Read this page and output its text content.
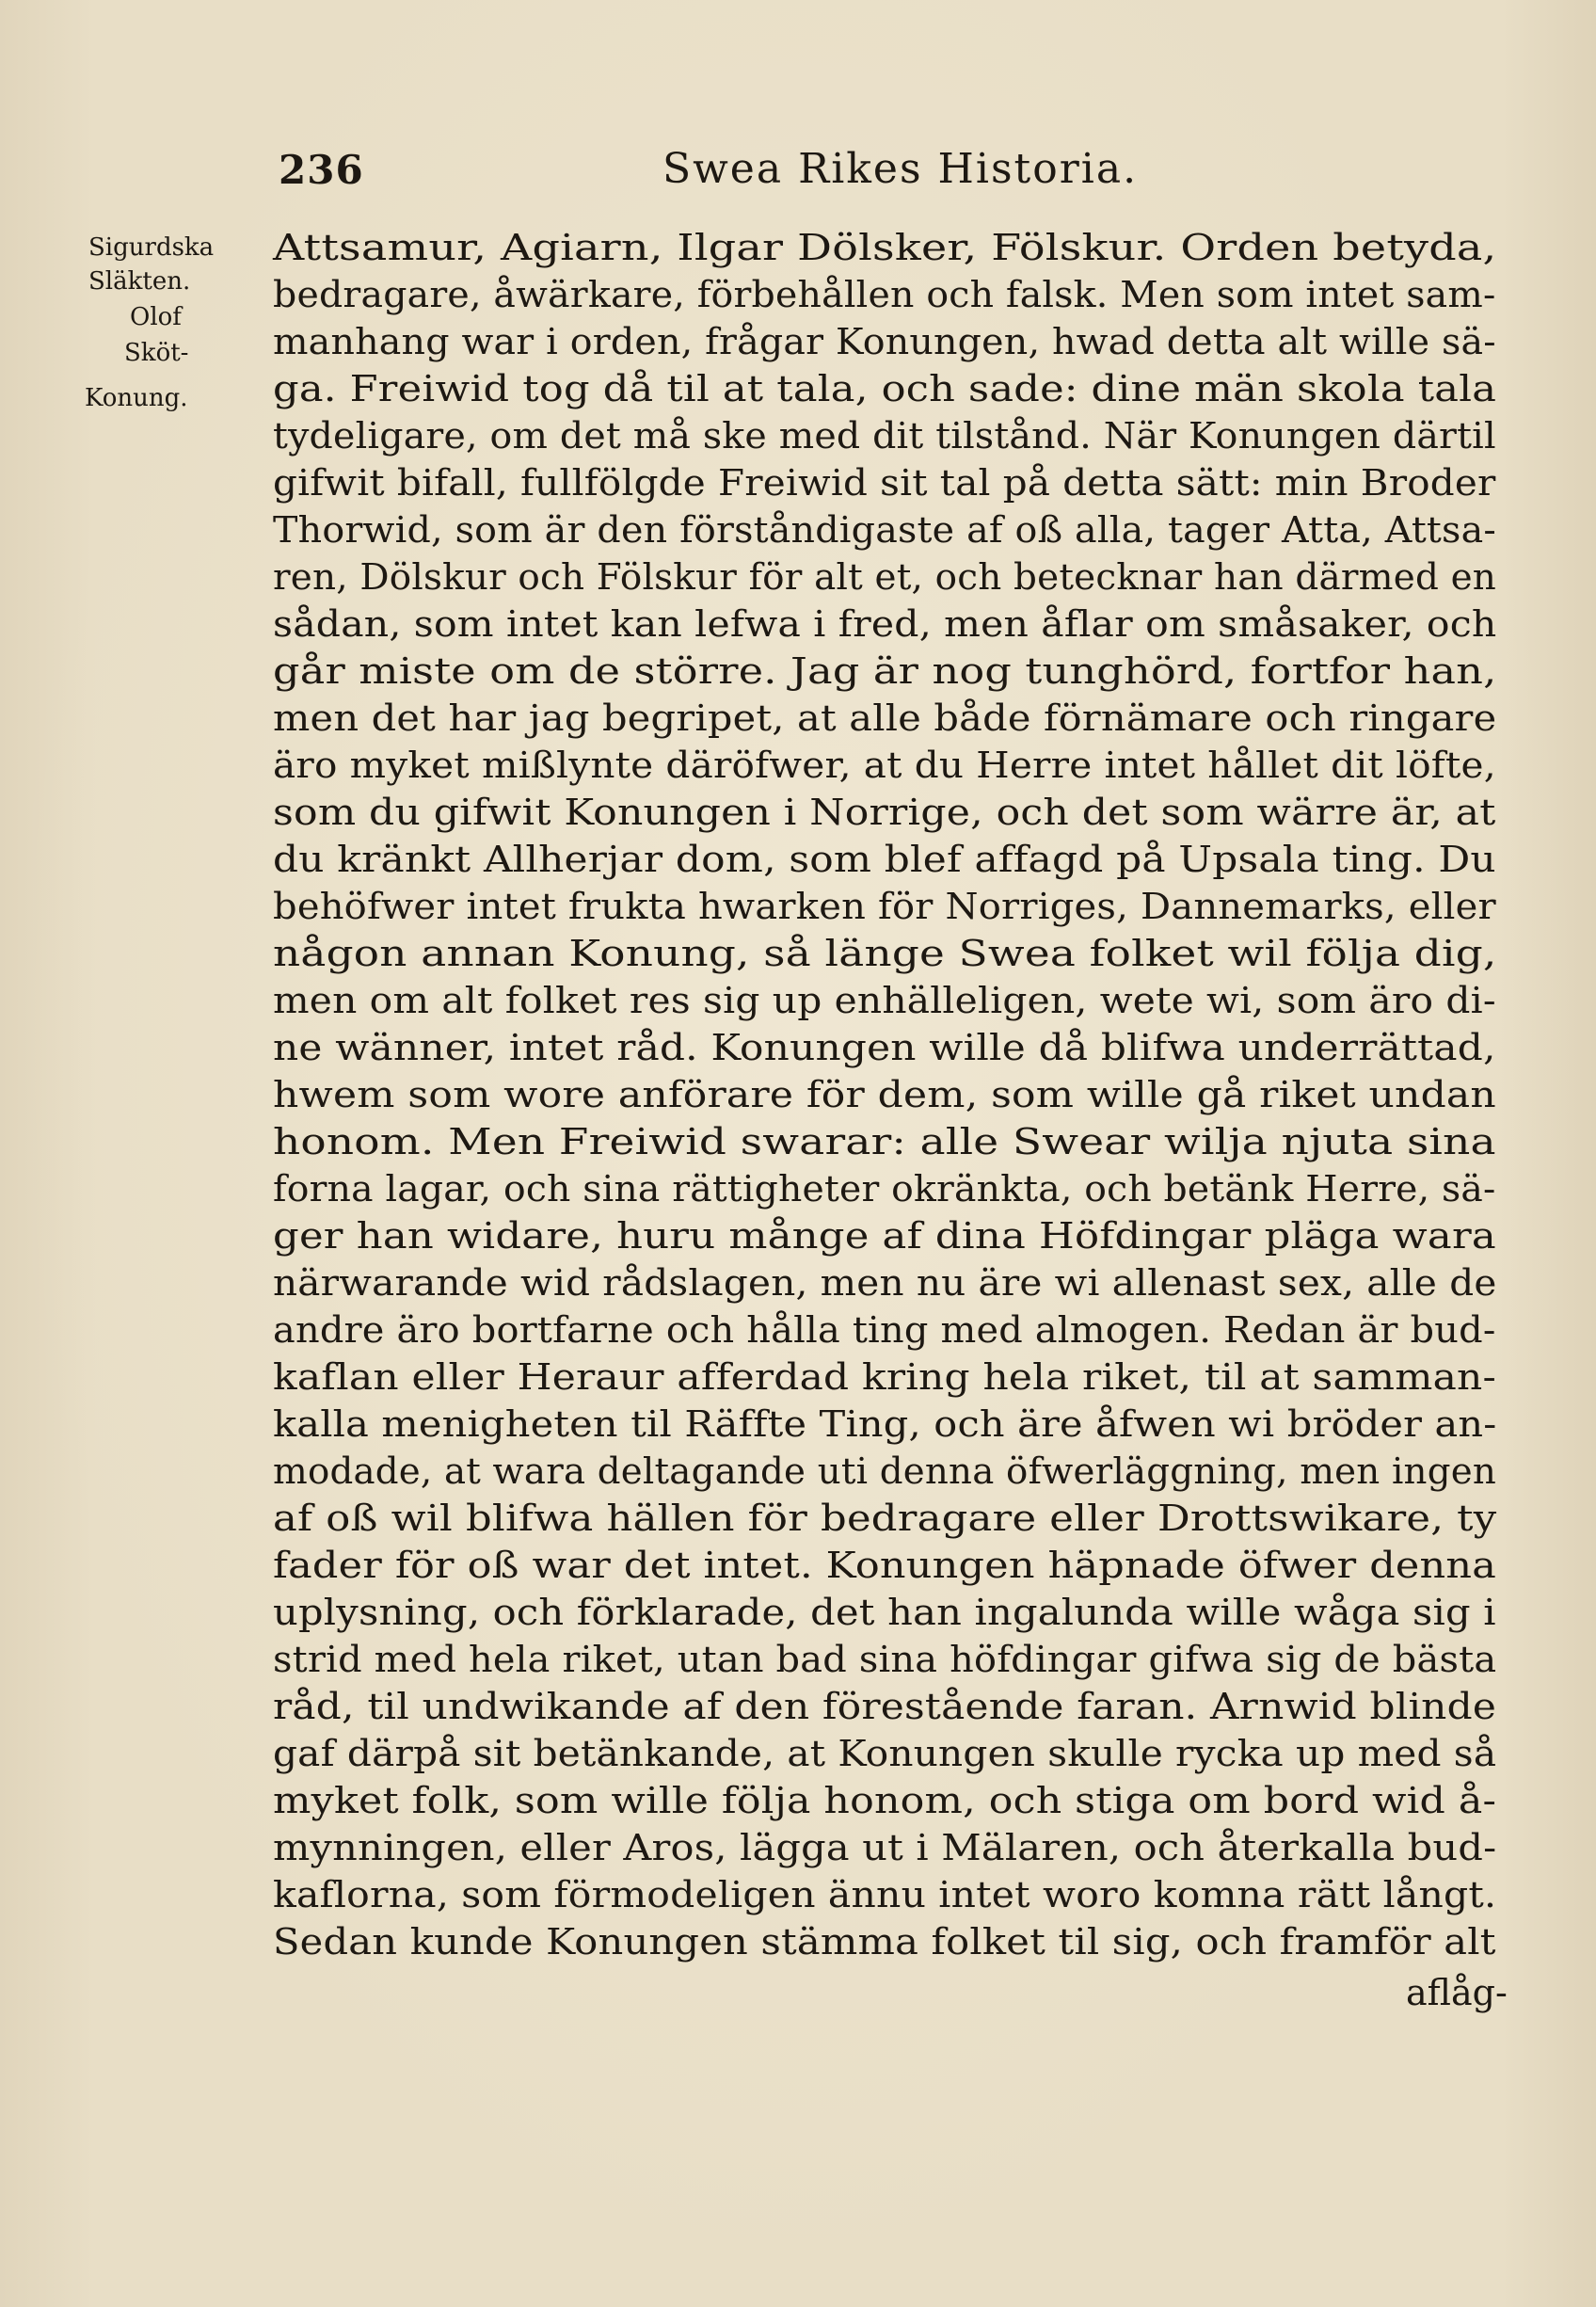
236	Swea Rikes Historia.
Sigurdska
Släkten.
Olof
Sköt-
Konung.
Attsamur, Agiarn, Ilgar Dölsker, Fölskur. Orden betyda,
bedragare, åwärkare, förbehållen och falsk. Men som intet sam-
manhang war i orden, frågar Konungen, hwad detta alt wille sä-
ga. Freiwid tog då til at tala, och sade: dine män skola tala
tydeligare, om det må ske med dit tilstånd. När Konungen därtil
gifwit bifall, fullfölgde Freiwid sit tal på detta sätt: min Broder
Thorwid, som är den förståndigaste af oß alla, tager Atta, Attsa-
ren, Dölskur och Fölskur för alt et, och betecknar han därmed en
sådan, som intet kan lefwa i fred, men åflar om småsaker, och
går miste om de större. Jag är nog tunghörd, fortfor han,
men det har jag begripet, at alle både förnämare och ringare
äro myket mißlynte däröfwer, at du Herre intet hållet dit löfte,
som du gifwit Konungen i Norrige, och det som wärre är, at
du kränkt Allherjar dom, som blef affagd på Upsala ting. Du
behöfwer intet frukta hwarken för Norriges, Dannemarks, eller
någon annan Konung, så länge Swea folket wil följa dig,
men om alt folket res sig up enhälleligen, wete wi, som äro di-
ne wänner, intet råd. Konungen wille då blifwa underrättad,
hwem som wore anförare för dem, som wille gå riket undan
honom. Men Freiwid swarar: alle Swear wilja njuta sina
forna lagar, och sina rättigheter okränkta, och betänk Herre, sä-
ger han widare, huru månge af dina Höfdingar pläga wara
närwarande wid rådslagen, men nu äre wi allenast sex, alle de
andre äro bortfarne och hålla ting med almogen. Redan är bud-
kaflan eller Heraur afferdad kring hela riket, til at samman-
kalla menigheten til Räffte Ting, och äre åfwen wi bröder an-
modade, at wara deltagande uti denna öfwerläggning, men ingen
af oß wil blifwa hällen för bedragare eller Drottswikare, ty
fader för oß war det intet. Konungen häpnade öfwer denna
uplysning, och förklarade, det han ingalunda wille wåga sig i
strid med hela riket, utan bad sina höfdingar gifwa sig de bästa
råd, til undwikande af den förestående faran. Arnwid blinde
gaf därpå sit betänkande, at Konungen skulle rycka up med så
myket folk, som wille följa honom, och stiga om bord wid å-
mynningen, eller Aros, lägga ut i Mälaren, och återkalla bud-
kaflorna, som förmodeligen ännu intet woro komna rätt långt.
Sedan kunde Konungen stämma folket til sig, och framför alt
aflåg-
